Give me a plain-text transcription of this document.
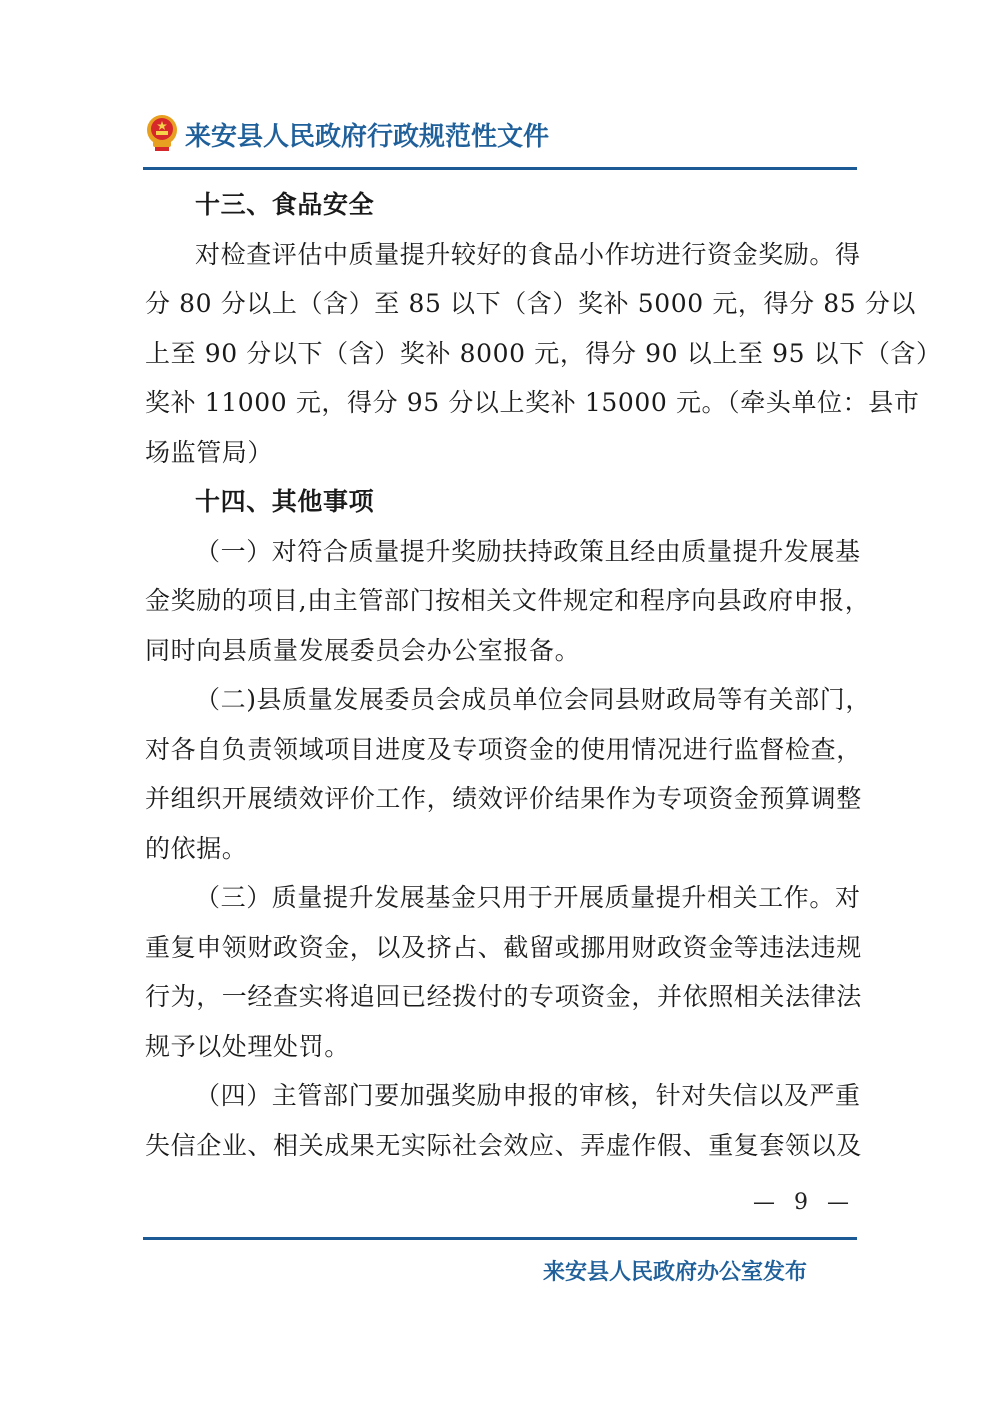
来安县人民政府行政规范性文件
十三、食品安全
对检查评估中质量提升较好的食品小作坊进行资金奖励。得
分 80 分以上（含）至 85 以下（含）奖补 5000 元，得分 85 分以
上至 90 分以下（含）奖补 8000 元，得分 90 以上至 95 以下（含）
奖补 11000 元，得分 95 分以上奖补 15000 元。（牵头单位：县市
场监管局）
十四、其他事项
（一）对符合质量提升奖励扶持政策且经由质量提升发展基
金奖励的项目,由主管部门按相关文件规定和程序向县政府申报，
同时向县质量发展委员会办公室报备。
（二)县质量发展委员会成员单位会同县财政局等有关部门，
对各自负责领域项目进度及专项资金的使用情况进行监督检查，
并组织开展绩效评价工作，绩效评价结果作为专项资金预算调整
的依据。
（三）质量提升发展基金只用于开展质量提升相关工作。对
重复申领财政资金，以及挤占、截留或挪用财政资金等违法违规
行为，一经查实将追回已经拨付的专项资金，并依照相关法律法
规予以处理处罚。
（四）主管部门要加强奖励申报的审核，针对失信以及严重
失信企业、相关成果无实际社会效应、弄虚作假、重复套领以及
— 9 —
来安县人民政府办公室发布
